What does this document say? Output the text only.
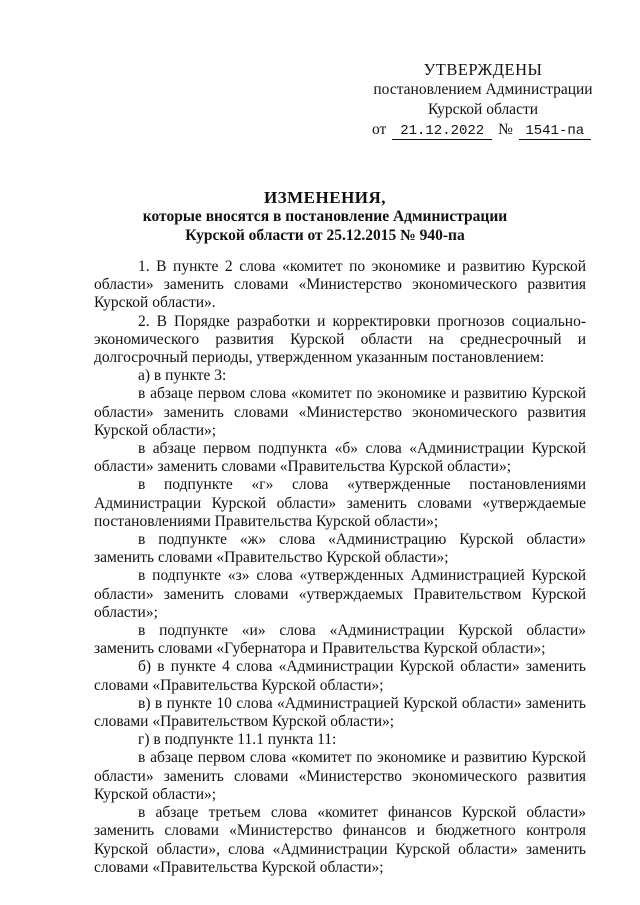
УТВЕРЖДЕНЫ
постановлением Администрации
Курской области
от 21.12.2022 № 1541-па
ИЗМЕНЕНИЯ,
которые вносятся в постановление Администрации
Курской области от 25.12.2015 № 940-па

1. В пункте 2 слова «комитет по экономике и развитию Курской области» заменить словами «Министерство экономического развития Курской области».

2. В Порядке разработки и корректировки прогнозов социально-экономического развития Курской области на среднесрочный и долгосрочный периоды, утвержденном указанным постановлением:

а) в пункте 3:

в абзаце первом слова «комитет по экономике и развитию Курской области» заменить словами «Министерство экономического развития Курской области»;

в абзаце первом подпункта «б» слова «Администрации Курской области» заменить словами «Правительства Курской области»;

в подпункте «г» слова «утвержденные постановлениями Администрации Курской области» заменить словами «утверждаемые постановлениями Правительства Курской области»;

в подпункте «ж» слова «Администрацию Курской области» заменить словами «Правительство Курской области»;

в подпункте «з» слова «утвержденных Администрацией Курской области» заменить словами «утверждаемых Правительством Курской области»;

в подпункте «и» слова «Администрации Курской области» заменить словами «Губернатора и Правительства Курской области»;

б) в пункте 4 слова «Администрации Курской области» заменить словами «Правительства Курской области»;

в) в пункте 10 слова «Администрацией Курской области» заменить словами «Правительством Курской области»;

г) в подпункте 11.1 пункта 11:

в абзаце первом слова «комитет по экономике и развитию Курской области» заменить словами «Министерство экономического развития Курской области»;

в абзаце третьем слова «комитет финансов Курской области» заменить словами «Министерство финансов и бюджетного контроля Курской области», слова «Администрации Курской области» заменить словами «Правительства Курской области»;
